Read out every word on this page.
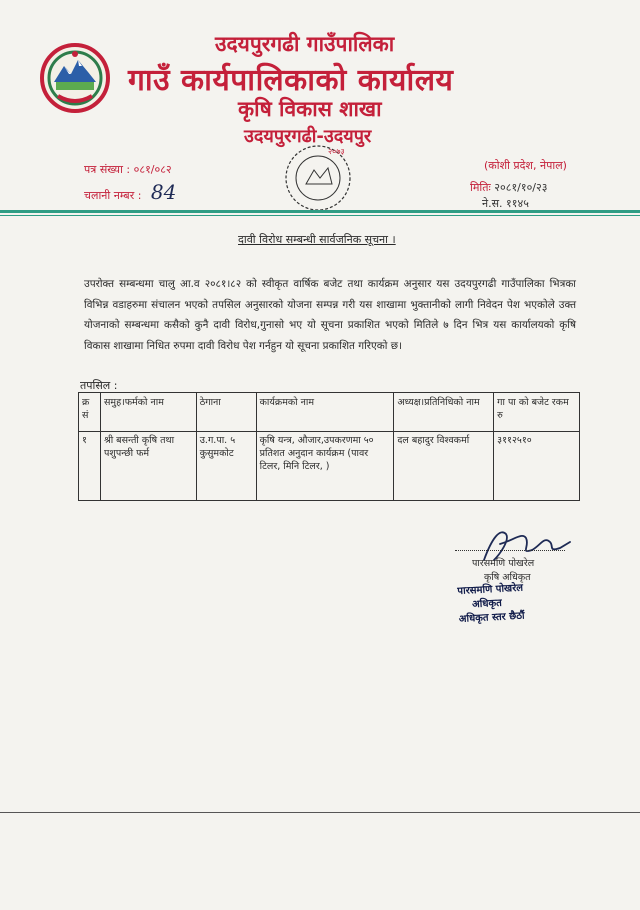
उदयपुरगढी गाउँपालिका
गाउँ कार्यपालिकाको कार्यालय
कृषि विकास शाखा
उदयपुरगढी-उदयपुर
२०७३
पत्र संख्या : ०८१/०८२
चलानी नम्बर : 84
(कोशी प्रदेश, नेपाल)
मितिः २०८१/१०/२३
ने.स. ११४५
दावी विरोध सम्बन्धी सार्वजनिक सूचना ।
उपरोक्त सम्बन्धमा चालु आ.व २०८१।८२ को स्वीकृत वार्षिक बजेट तथा कार्यक्रम अनुसार यस उदयपुरगढी गाउँपालिका भित्रका विभिन्न वडाहरुमा संचालन भएको तपसिल अनुसारको योजना सम्पन्न गरी यस शाखामा भुक्तानीको लागी निवेदन पेश भएकोले उक्त योजनाको सम्बन्धमा कसैको कुनै दावी विरोध,गुनासो भए यो सूचना प्रकाशित भएको मितिले ७ दिन भित्र यस कार्यालयको कृषि विकास शाखामा निधित रुपमा दावी विरोध पेश गर्नहुन यो सूचना प्रकाशित गरिएको छ।
तपसिल :
क्र सं	समुह।फर्मको नाम	ठेगाना	कार्यक्रमको नाम	अध्यक्ष।प्रतिनिधिको नाम	गा पा को बजेट रकम रु
१	श्री बसन्ती कृषि तथा पशुपन्छी फर्म	उ.ग.पा. ५ कुसुमकोट	कृषि यन्त्र, औजार,उपकरणमा ५० प्रतिशत अनुदान कार्यक्रम (पावर टिलर, मिनि टिलर, )	दल बहादुर विश्वकर्मा	३११२५१०
पारसमणि पोखरेल
कृषि अधिकृत
पारसमणि पोखरेल
अधिकृत
अधिकृत स्तर छैठौं
